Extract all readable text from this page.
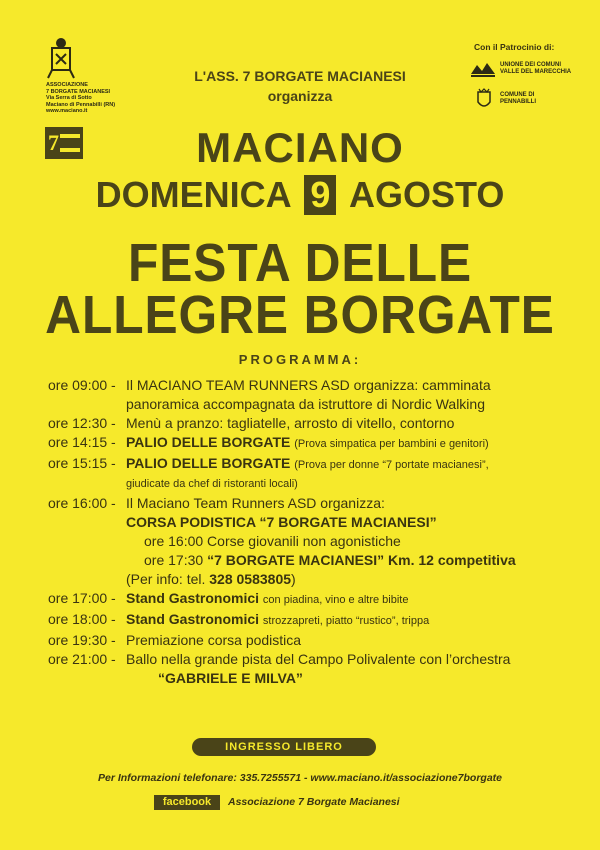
ASSOCIAZIONE
7 BORGATE MACIANESI
Via Serra di Sotto
Maciano di Pennabilli (RN)
www.maciano.it
7
Con il Patrocinio di:
UNIONE DEI COMUNI
VALLE DEL MARECCHIA
COMUNE DI
PENNABILLI
L'ASS. 7 BORGATE MACIANESI
organizza
MACIANO
DOMENICA 9 AGOSTO
FESTA DELLE
ALLEGRE BORGATE
PROGRAMMA:
ore 09:00 - Il MACIANO TEAM RUNNERS ASD organizza: camminata
panoramica accompagnata da istruttore di Nordic Walking
ore 12:30 - Menù a pranzo: tagliatelle, arrosto di vitello, contorno
ore 14:15 - PALIO DELLE BORGATE (Prova simpatica per bambini e genitori)
ore 15:15 - PALIO DELLE BORGATE (Prova per donne “7 portate macianesi”,
giudicate da chef di ristoranti locali)
ore 16:00 - Il Maciano Team Runners ASD organizza:
CORSA PODISTICA “7 BORGATE MACIANESI”
ore 16:00 Corse giovanili non agonistiche
ore 17:30 “7 BORGATE MACIANESI” Km. 12 competitiva
(Per info: tel. 328 0583805)
ore 17:00 - Stand Gastronomici con piadina, vino e altre bibite
ore 18:00 - Stand Gastronomici strozzapreti, piatto “rustico”, trippa
ore 19:30 - Premiazione corsa podistica
ore 21:00 - Ballo nella grande pista del Campo Polivalente con l’orchestra
“GABRIELE E MILVA”
INGRESSO LIBERO
Per Informazioni telefonare: 335.7255571 - www.maciano.it/associazione7borgate
facebook	Associazione 7 Borgate Macianesi
